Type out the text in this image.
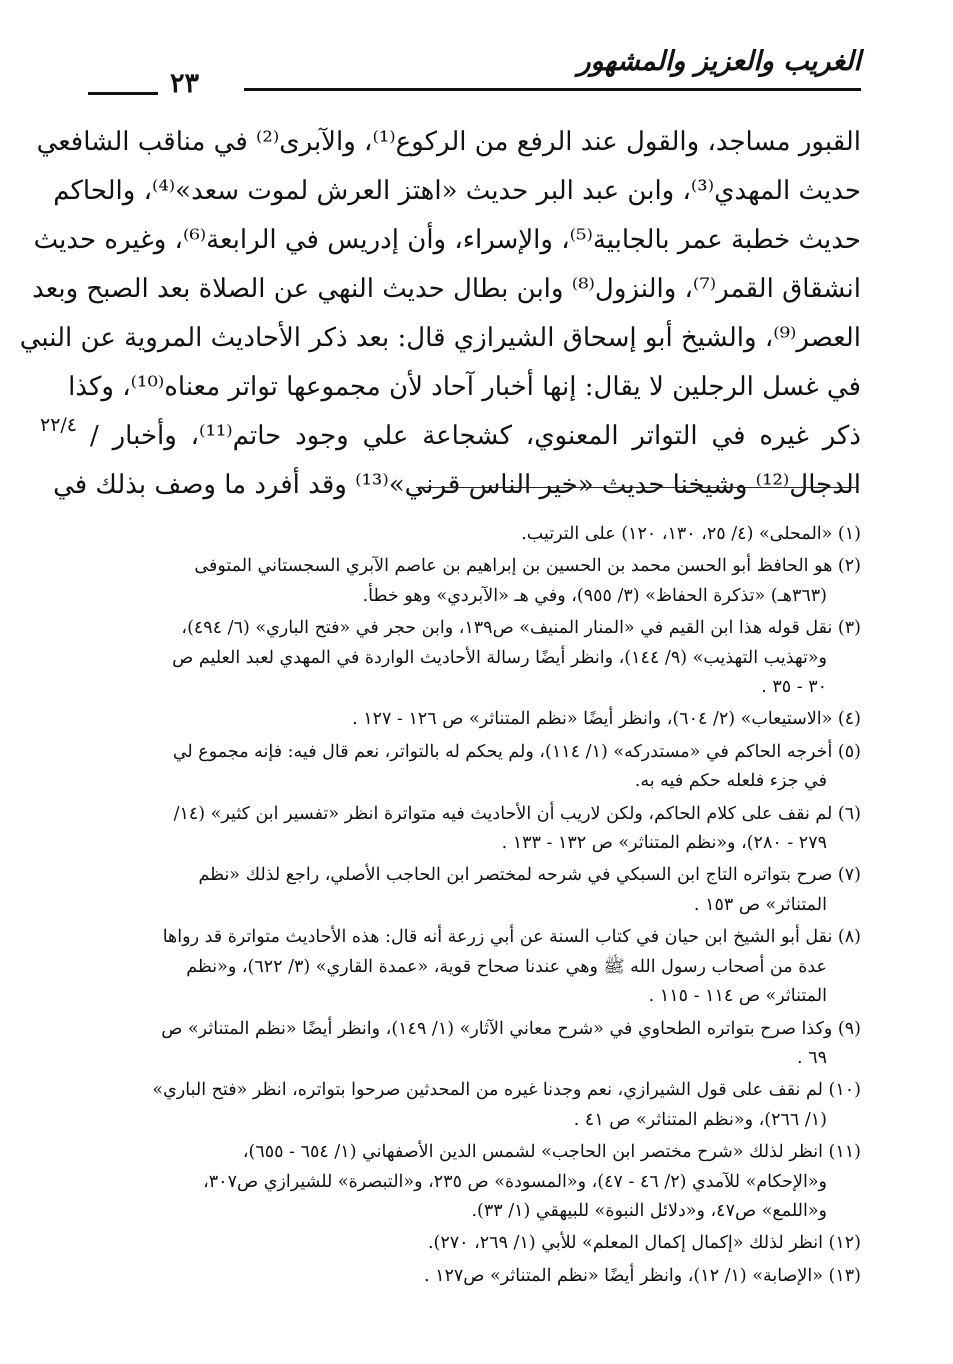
الغريب والعزيز والمشهور
٢٣
القبور مساجد، والقول عند الرفع من الركوع⁽¹⁾، والآبرى⁽²⁾ في مناقب الشافعي
حديث المهدي⁽³⁾، وابن عبد البر حديث «اهتز العرش لموت سعد»⁽⁴⁾، والحاكم
حديث خطبة عمر بالجابية⁽⁵⁾، والإسراء، وأن إدريس في الرابعة⁽⁶⁾، وغيره حديث
انشقاق القمر⁽⁷⁾، والنزول⁽⁸⁾ وابن بطال حديث النهي عن الصلاة بعد الصبح وبعد
العصر⁽⁹⁾، والشيخ أبو إسحاق الشيرازي قال: بعد ذكر الأحاديث المروية عن النبي
في غسل الرجلين لا يقال: إنها أخبار آحاد لأن مجموعها تواتر معناه⁽¹⁰⁾، وكذا
ذكر غيره في التواتر المعنوي، كشجاعة علي وجود حاتم⁽¹¹⁾، وأخبار /
الدجال⁽¹²⁾ وشيخنا حديث «خير الناس قرني»⁽¹³⁾ وقد أفرد ما وصف بذلك في
٢٢/٤
(١) «المحلى» (٤/ ٢٥، ١٣٠، ١٢٠) على الترتيب.
(٢) هو الحافظ أبو الحسن محمد بن الحسين بن إبراهيم بن عاصم الآبري السجستاني المتوفى
(٣٦٣هـ) «تذكرة الحفاظ» (٣/ ٩٥٥)، وفي هـ «الآبردي» وهو خطأ.
(٣) نقل قوله هذا ابن القيم في «المنار المنيف» ص١٣٩، وابن حجر في «فتح الباري» (٦/ ٤٩٤)،
و«تهذيب التهذيب» (٩/ ١٤٤)، وانظر أيضًا رسالة الأحاديث الواردة في المهدي لعبد العليم ص
٣٠ - ٣٥ .
(٤) «الاستيعاب» (٢/ ٦٠٤)، وانظر أيضًا «نظم المتناثر» ص ١٢٦ - ١٢٧ .
(٥) أخرجه الحاكم في «مستدركه» (١/ ١١٤)، ولم يحكم له بالتواتر، نعم قال فيه: فإنه مجموع لي
في جزء فلعله حكم فيه به.
(٦) لم نقف على كلام الحاكم، ولكن لاريب أن الأحاديث فيه متواترة انظر «تفسير ابن كثير» (١٤/
٢٧٩ - ٢٨٠)، و«نظم المتناثر» ص ١٣٢ - ١٣٣ .
(٧) صرح بتواتره التاج ابن السبكي في شرحه لمختصر ابن الحاجب الأصلي، راجع لذلك «نظم
المتناثر» ص ١٥٣ .
(٨) نقل أبو الشيخ ابن حيان في كتاب السنة عن أبي زرعة أنه قال: هذه الأحاديث متواترة قد رواها
عدة من أصحاب رسول الله ﷺ وهي عندنا صحاح قوية، «عمدة القاري» (٣/ ٦٢٢)، و«نظم
المتناثر» ص ١١٤ - ١١٥ .
(٩) وكذا صرح بتواتره الطحاوي في «شرح معاني الآثار» (١/ ١٤٩)، وانظر أيضًا «نظم المتناثر» ص
٦٩ .
(١٠) لم نقف على قول الشيرازي، نعم وجدنا غيره من المحدثين صرحوا بتواتره، انظر «فتح الباري»
(١/ ٢٦٦)، و«نظم المتناثر» ص ٤١ .
(١١) انظر لذلك «شرح مختصر ابن الحاجب» لشمس الدين الأصفهاني (١/ ٦٥٤ - ٦٥٥)،
و«الإحكام» للآمدي (٢/ ٤٦ - ٤٧)، و«المسودة» ص ٢٣٥، و«التبصرة» للشيرازي ص٣٠٧،
و«اللمع» ص٤٧، و«دلائل النبوة» للبيهقي (١/ ٣٣).
(١٢) انظر لذلك «إكمال إكمال المعلم» للأبي (١/ ٢٦٩، ٢٧٠).
(١٣) «الإصابة» (١/ ١٢)، وانظر أيضًا «نظم المتناثر» ص١٢٧ .
